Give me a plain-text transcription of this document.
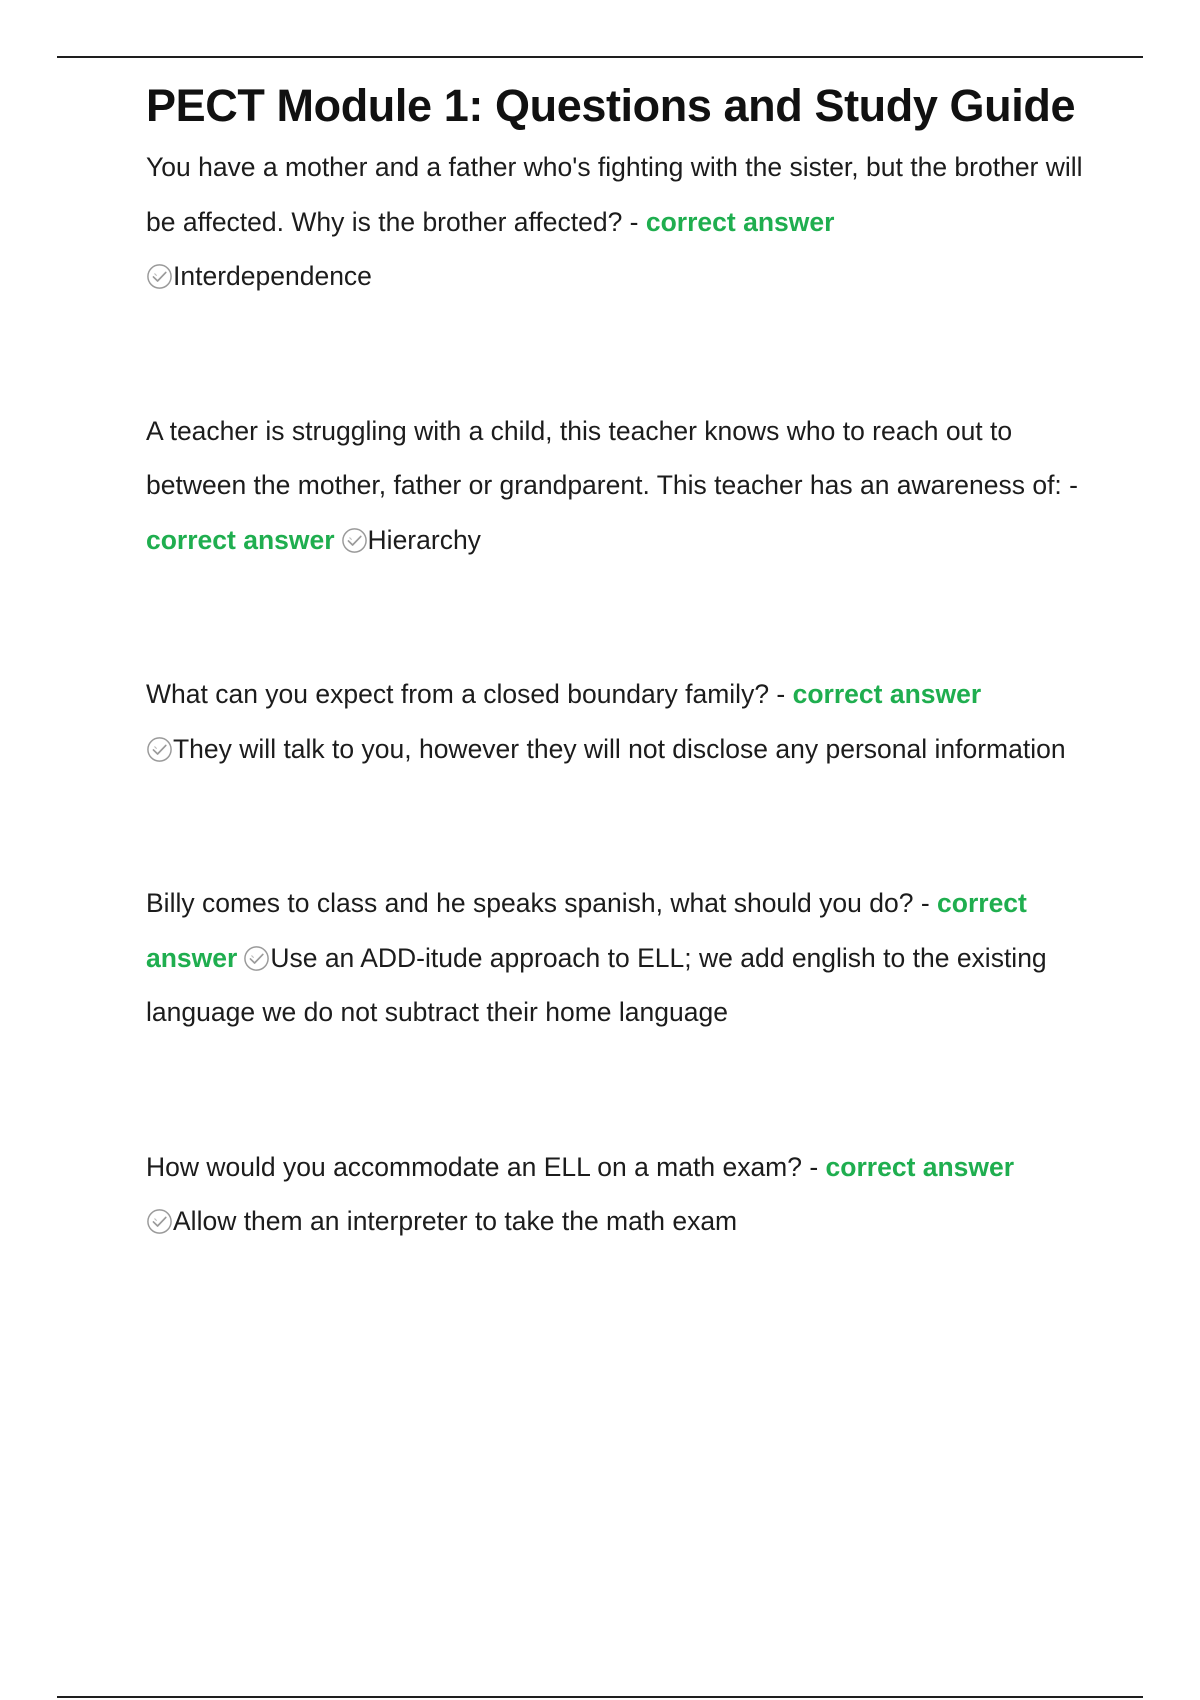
PECT Module 1: Questions and Study Guide

You have a mother and a father who's fighting with the sister, but the brother will be affected. Why is the brother affected? - correct answer

Interdependence

A teacher is struggling with a child, this teacher knows who to reach out to between the mother, father or grandparent. This teacher has an awareness of: - correct answer Hierarchy

What can you expect from a closed boundary family? - correct answer

They will talk to you, however they will not disclose any personal information

Billy comes to class and he speaks spanish, what should you do? - correct answer Use an ADD-itude approach to ELL; we add english to the existing language we do not subtract their home language

How would you accommodate an ELL on a math exam? - correct answer

Allow them an interpreter to take the math exam
